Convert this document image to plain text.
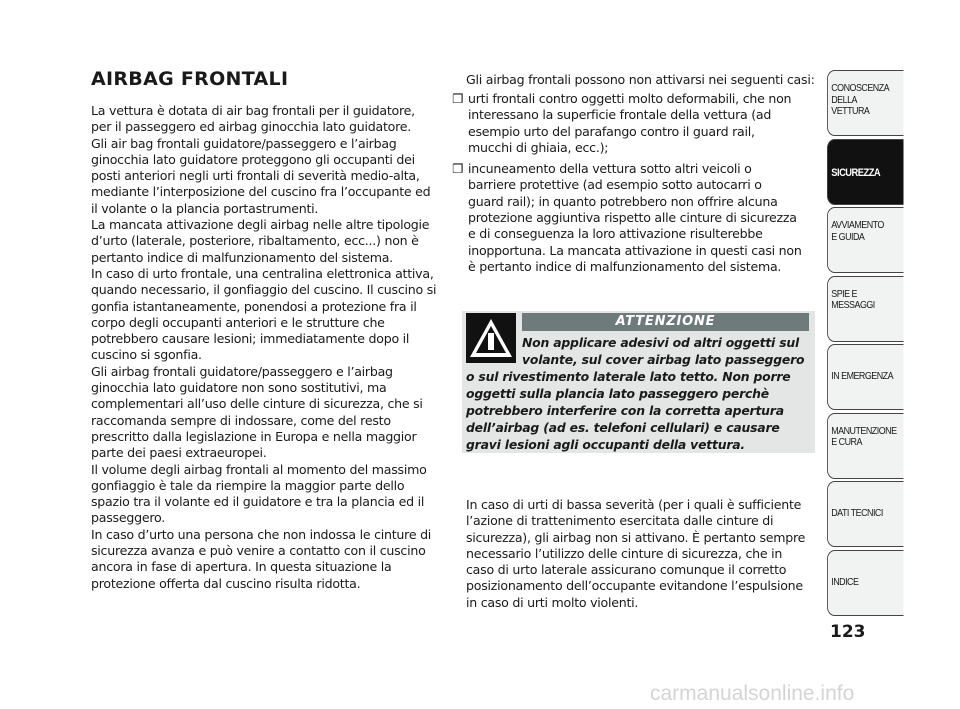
AIRBAG FRONTALI
La vettura è dotata di air bag frontali per il guidatore,
per il passeggero ed airbag ginocchia lato guidatore.
Gli air bag frontali guidatore/passeggero e l’airbag
ginocchia lato guidatore proteggono gli occupanti dei
posti anteriori negli urti frontali di severità medio-alta,
mediante l’interposizione del cuscino fra l’occupante ed
il volante o la plancia portastrumenti.
La mancata attivazione degli airbag nelle altre tipologie
d’urto (laterale, posteriore, ribaltamento, ecc...) non è
pertanto indice di malfunzionamento del sistema.
In caso di urto frontale, una centralina elettronica attiva,
quando necessario, il gonfiaggio del cuscino. Il cuscino si
gonfia istantaneamente, ponendosi a protezione fra il
corpo degli occupanti anteriori e le strutture che
potrebbero causare lesioni; immediatamente dopo il
cuscino si sgonfia.
Gli airbag frontali guidatore/passeggero e l’airbag
ginocchia lato guidatore non sono sostitutivi, ma
complementari all’uso delle cinture di sicurezza, che si
raccomanda sempre di indossare, come del resto
prescritto dalla legislazione in Europa e nella maggior
parte dei paesi extraeuropei.
Il volume degli airbag frontali al momento del massimo
gonfiaggio è tale da riempire la maggior parte dello
spazio tra il volante ed il guidatore e tra la plancia ed il
passeggero.
In caso d’urto una persona che non indossa le cinture di
sicurezza avanza e può venire a contatto con il cuscino
ancora in fase di apertura. In questa situazione la
protezione offerta dal cuscino risulta ridotta.
Gli airbag frontali possono non attivarsi nei seguenti casi:
❒ urti frontali contro oggetti molto deformabili, che non
interessano la superficie frontale della vettura (ad
esempio urto del parafango contro il guard rail,
mucchi di ghiaia, ecc.);
❒ incuneamento della vettura sotto altri veicoli o
barriere protettive (ad esempio sotto autocarri o
guard rail); in quanto potrebbero non offrire alcuna
protezione aggiuntiva rispetto alle cinture di sicurezza
e di conseguenza la loro attivazione risulterebbe
inopportuna. La mancata attivazione in questi casi non
è pertanto indice di malfunzionamento del sistema.
ATTENZIONE
Non applicare adesivi od altri oggetti sul
volante, sul cover airbag lato passeggero
o sul rivestimento laterale lato tetto. Non porre
oggetti sulla plancia lato passeggero perchè
potrebbero interferire con la corretta apertura
dell’airbag (ad es. telefoni cellulari) e causare
gravi lesioni agli occupanti della vettura.
In caso di urti di bassa severità (per i quali è sufficiente
l’azione di trattenimento esercitata dalle cinture di
sicurezza), gli airbag non si attivano. È pertanto sempre
necessario l’utilizzo delle cinture di sicurezza, che in
caso di urto laterale assicurano comunque il corretto
posizionamento dell’occupante evitandone l’espulsione
in caso di urti molto violenti.
CONOSCENZA
DELLA
VETTURA
SICUREZZA
AVVIAMENTO
E GUIDA
SPIE E
MESSAGGI
IN EMERGENZA
MANUTENZIONE
E CURA
DATI TECNICI
INDICE
123
carmanualsonline.info
